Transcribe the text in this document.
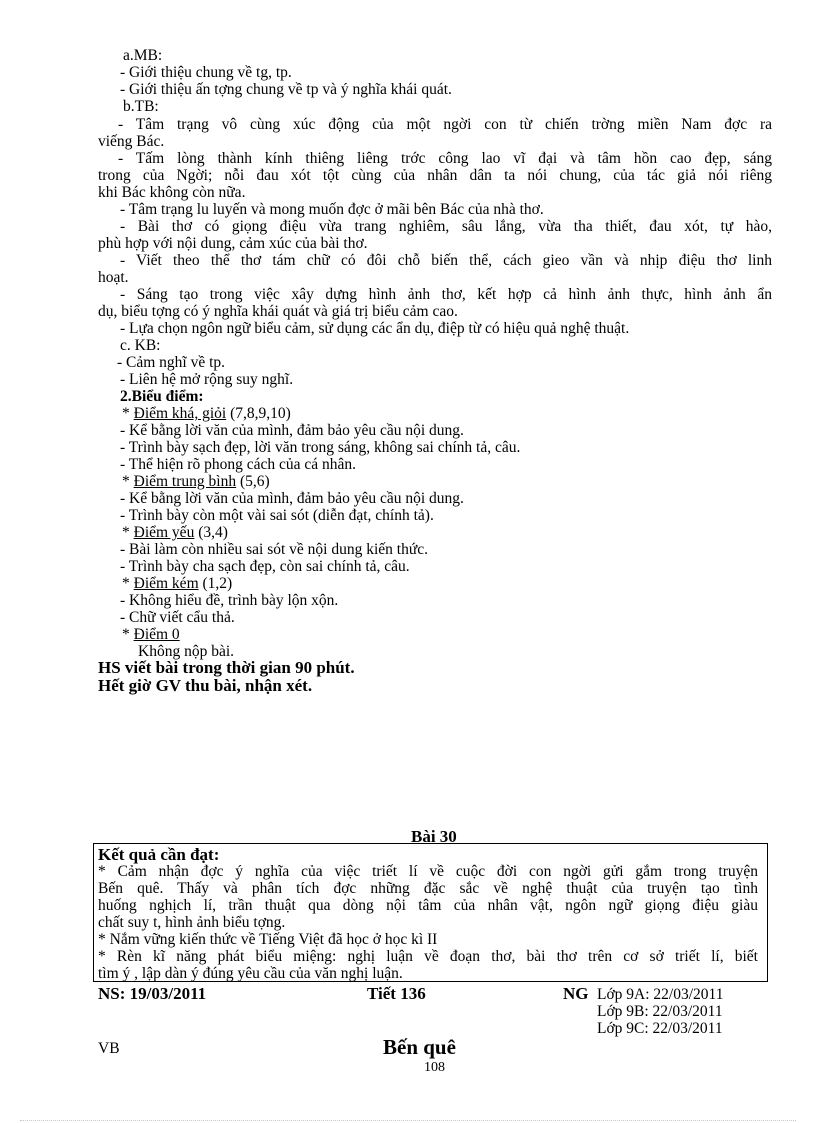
a.MB:
- Giới thiệu chung về tg, tp.
- Giới thiệu ấn tợng chung về tp và ý nghĩa khái quát.
b.TB:
- Tâm trạng vô cùng xúc động của một ngời con từ chiến trờng miền Nam đợc ra
viếng Bác.
- Tấm lòng thành kính thiêng liêng trớc công lao vĩ đại và tâm hồn cao đẹp, sáng
trong của Ngời; nỗi đau xót tột cùng của nhân dân ta nói chung, của tác giả nói riêng
khi Bác không còn nữa.
- Tâm trạng lu luyến và mong muốn đợc ở mãi bên Bác của nhà thơ.
- Bài thơ có giọng điệu vừa trang nghiêm, sâu lắng, vừa tha thiết, đau xót, tự hào,
phù hợp với nội dung, cảm xúc của bài thơ.
- Viết theo thể thơ tám chữ có đôi chỗ biến thể, cách gieo vần và nhịp điệu thơ linh
hoạt.
- Sáng tạo trong việc xây dựng hình ảnh thơ, kết hợp cả hình ảnh thực, hình ảnh ẩn
dụ, biểu tợng có ý nghĩa khái quát và giá trị biểu cảm cao.
- Lựa chọn ngôn ngữ biểu cảm, sử dụng các ẩn dụ, điệp từ có hiệu quả nghệ thuật.
c. KB:
- Cảm nghĩ về tp.
- Liên hệ mở rộng suy nghĩ.
2.Biểu điểm:
* Điểm khá, giỏi (7,8,9,10)
- Kể bằng lời văn của mình, đảm bảo yêu cầu nội dung.
- Trình bày sạch đẹp, lời văn trong sáng, không sai chính tả, câu.
- Thể hiện rõ phong cách của cá nhân.
* Điểm trung bình (5,6)
- Kể bằng lời văn của mình, đảm bảo yêu cầu nội dung.
- Trình bày còn một vài sai sót (diễn đạt, chính tả).
* Điểm yếu (3,4)
- Bài làm còn nhiều sai sót về nội dung kiến thức.
- Trình bày cha sạch đẹp, còn sai chính tả, câu.
* Điểm kém (1,2)
- Không hiểu đề, trình bày lộn xộn.
- Chữ viết cẩu thả.
* Điểm 0
Không nộp bài.
HS viết bài trong thời gian 90 phút.
Hết giờ GV thu bài, nhận xét.
Bài 30
Kết quả cần đạt:
* Cảm nhận đợc ý nghĩa của việc triết lí về cuộc đời con ngời gửi gắm trong truyện
Bến quê. Thấy và phân tích đợc những đặc sắc về nghệ thuật của truyện tạo tình
huống nghịch lí, trần thuật qua dòng nội tâm của nhân vật, ngôn ngữ giọng điệu giàu
chất suy t, hình ảnh biểu tợng.
* Nắm vững kiến thức về Tiếng Việt đã học ở học kì II
* Rèn kĩ năng phát biểu miệng: nghị luận về đoạn thơ, bài thơ trên cơ sở triết lí, biết
tìm ý , lập dàn ý đúng yêu cầu của văn nghị luận.
NS: 19/03/2011	Tiết 136	NG Lớp 9A: 22/03/2011
Lớp 9B: 22/03/2011
Lớp 9C: 22/03/2011
VB	Bến quê
108
